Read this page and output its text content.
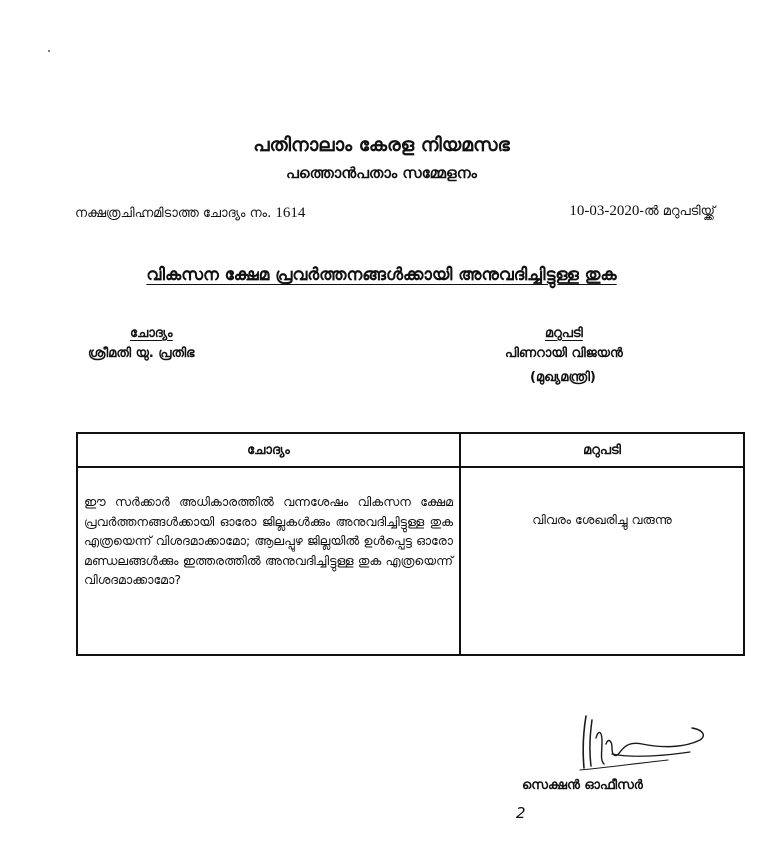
പതിനാലാം കേരള നിയമസഭ
പത്തൊൻപതാം സമ്മേളനം
നക്ഷത്രചിഹ്നമിടാത്ത ചോദ്യം നം. 1614	10-03-2020-ൽ മറുപടിയ്ക്ക്
വികസന ക്ഷേമ പ്രവർത്തനങ്ങൾക്കായി അനുവദിച്ചിട്ടുള്ള തുക
ചോദ്യം
ശ്രീമതി യു. പ്രതിഭ
മറുപടി
പിണറായി വിജയൻ
(മുഖ്യമന്ത്രി)
ചോദ്യം	മറുപടി
ഈ സർക്കാർ അധികാരത്തിൽ വന്നശേഷം വികസന ക്ഷേമ പ്രവർത്തനങ്ങൾക്കായി ഓരോ ജില്ലകൾക്കും അനുവദിച്ചിട്ടുള്ള തുക എത്രയെന്ന് വിശദമാക്കാമോ; ആലപ്പുഴ ജില്ലയിൽ ഉൾപ്പെട്ട ഓരോ മണ്ഡലങ്ങൾക്കും ഇത്തരത്തിൽ അനുവദിച്ചിട്ടുള്ള തുക എത്രയെന്ന് വിശദമാക്കാമോ?	വിവരം ശേഖരിച്ചു വരുന്നു
സെക്ഷൻ ഓഫീസർ
2
